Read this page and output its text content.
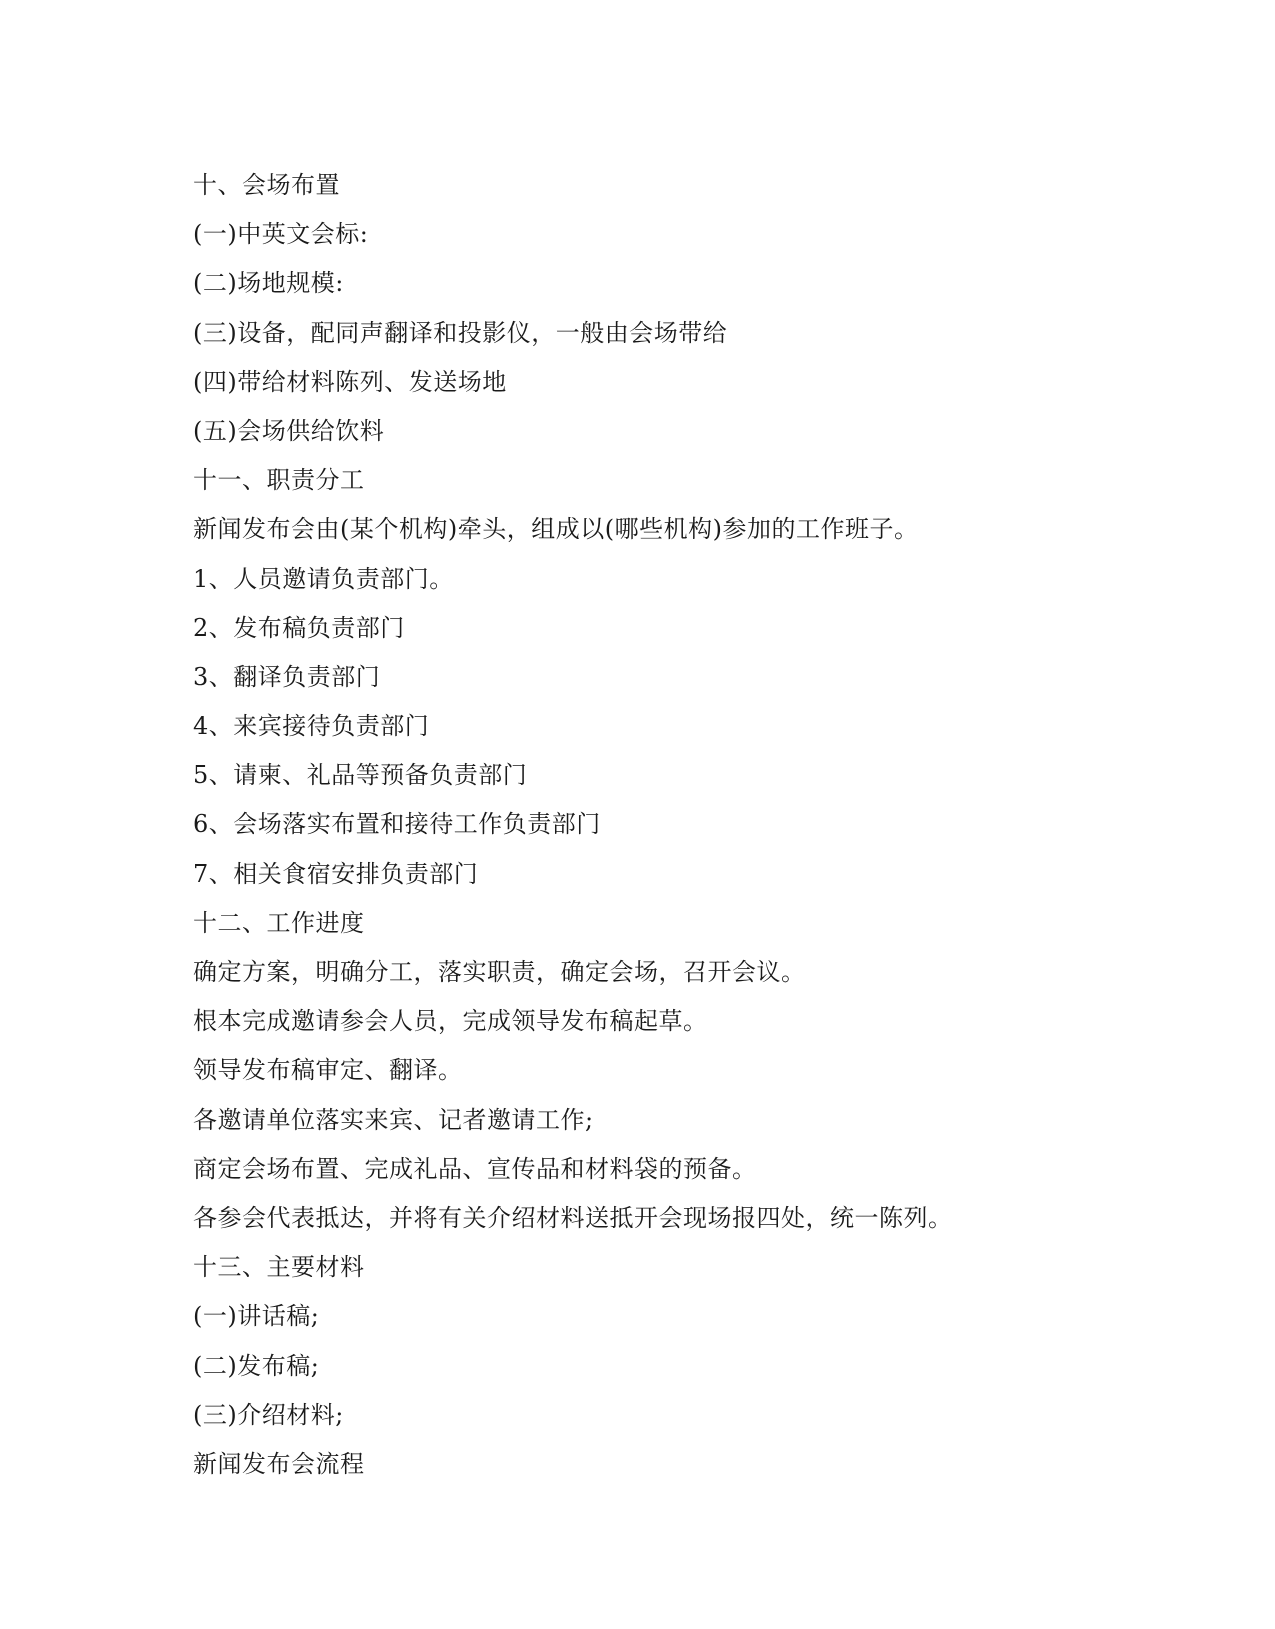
十、会场布置
(一)中英文会标:
(二)场地规模:
(三)设备，配同声翻译和投影仪，一般由会场带给
(四)带给材料陈列、发送场地
(五)会场供给饮料
十一、职责分工
新闻发布会由(某个机构)牵头，组成以(哪些机构)参加的工作班子。
1、人员邀请负责部门。
2、发布稿负责部门
3、翻译负责部门
4、来宾接待负责部门
5、请柬、礼品等预备负责部门
6、会场落实布置和接待工作负责部门
7、相关食宿安排负责部门
十二、工作进度
确定方案，明确分工，落实职责，确定会场，召开会议。
根本完成邀请参会人员，完成领导发布稿起草。
领导发布稿审定、翻译。
各邀请单位落实来宾、记者邀请工作;
商定会场布置、完成礼品、宣传品和材料袋的预备。
各参会代表抵达，并将有关介绍材料送抵开会现场报四处，统一陈列。
十三、主要材料
(一)讲话稿;
(二)发布稿;
(三)介绍材料;
新闻发布会流程
